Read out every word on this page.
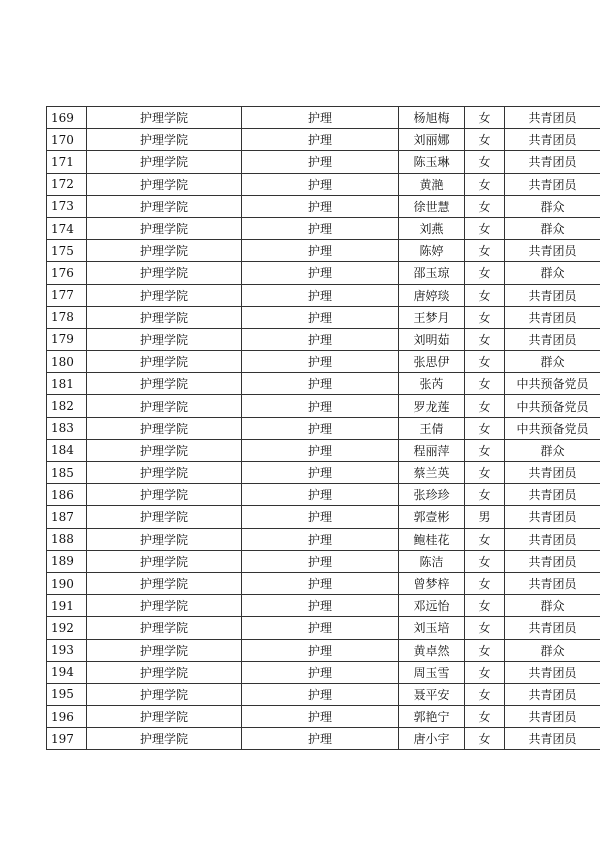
169	护理学院	护理	杨旭梅	女	共青团员
170	护理学院	护理	刘丽娜	女	共青团员
171	护理学院	护理	陈玉琳	女	共青团员
172	护理学院	护理	黄滟	女	共青团员
173	护理学院	护理	徐世慧	女	群众
174	护理学院	护理	刘燕	女	群众
175	护理学院	护理	陈婷	女	共青团员
176	护理学院	护理	邵玉琼	女	群众
177	护理学院	护理	唐婷琰	女	共青团员
178	护理学院	护理	王梦月	女	共青团员
179	护理学院	护理	刘明茹	女	共青团员
180	护理学院	护理	张思伊	女	群众
181	护理学院	护理	张芮	女	中共预备党员
182	护理学院	护理	罗龙莲	女	中共预备党员
183	护理学院	护理	王倩	女	中共预备党员
184	护理学院	护理	程丽萍	女	群众
185	护理学院	护理	蔡兰英	女	共青团员
186	护理学院	护理	张珍珍	女	共青团员
187	护理学院	护理	郭壹彬	男	共青团员
188	护理学院	护理	鲍桂花	女	共青团员
189	护理学院	护理	陈洁	女	共青团员
190	护理学院	护理	曾梦梓	女	共青团员
191	护理学院	护理	邓远怡	女	群众
192	护理学院	护理	刘玉培	女	共青团员
193	护理学院	护理	黄卓然	女	群众
194	护理学院	护理	周玉雪	女	共青团员
195	护理学院	护理	聂平安	女	共青团员
196	护理学院	护理	郭艳宁	女	共青团员
197	护理学院	护理	唐小宇	女	共青团员
